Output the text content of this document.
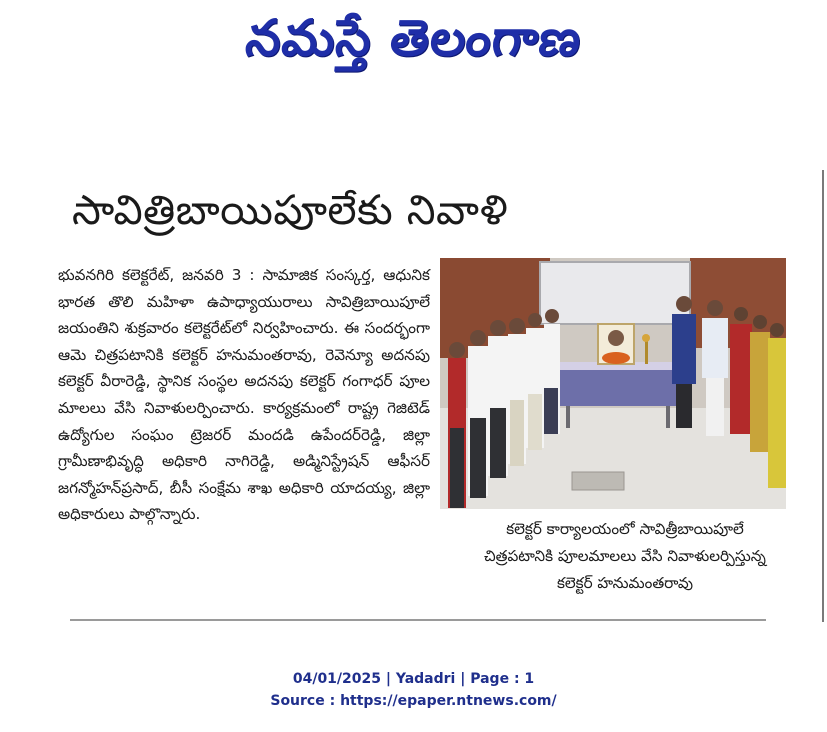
నమస్తే తెలంగాణ
సావిత్రిబాయిపూలేకు నివాళి
భువనగిరి కలెక్టరేట్, జనవరి 3 : సామాజిక సంస్కర్త, ఆధునిక భారత తొలి మహిళా ఉపాధ్యాయురాలు సావిత్రిబాయిపూలే జయంతిని శుక్రవారం కలెక్టరేట్‌లో నిర్వహించారు. ఈ సందర్భంగా ఆమె చిత్రపటానికి కలెక్టర్ హనుమంతరావు, రెవెన్యూ అదనపు కలెక్టర్ వీరారెడ్డి, స్థానిక సంస్థల అదనపు కలెక్టర్ గంగాధర్ పూల మాలలు వేసి నివాళులర్పించారు. కార్యక్రమంలో రాష్ట్ర గెజిటెడ్ ఉద్యోగుల సంఘం ట్రెజరర్ మందడి ఉపేందర్‌రెడ్డి, జిల్లా గ్రామీణాభివృద్ధి అధికారి నాగిరెడ్డి, అడ్మినిస్ట్రేషన్ ఆఫీసర్ జగన్మోహన్‌ప్రసాద్, బీసీ సంక్షేమ శాఖ అధికారి యాదయ్య, జిల్లా అధికారులు పాల్గొన్నారు.
కలెక్టర్ కార్యాలయంలో సావిత్రీబాయిపూలే
చిత్రపటానికి పూలమాలలు వేసి నివాళులర్పిస్తున్న
కలెక్టర్ హనుమంతరావు
04/01/2025 | Yadadri | Page : 1
Source : https://epaper.ntnews.com/
